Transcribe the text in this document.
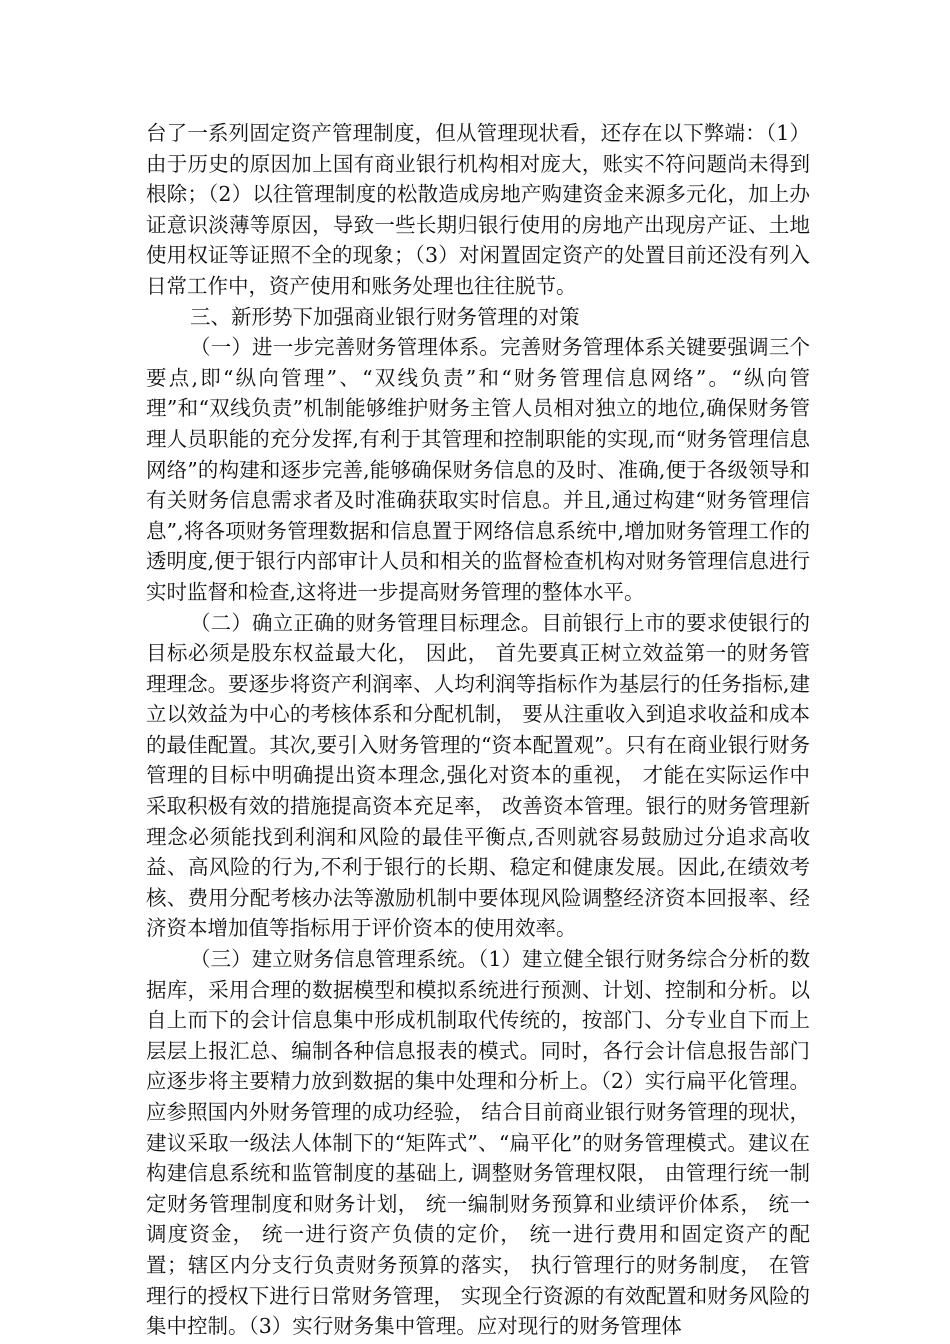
台了一系列固定资产管理制度，但从管理现状看，还存在以下弊端：（1）由于历史的原因加上国有商业银行机构相对庞大，账实不符问题尚未得到根除；（2）以往管理制度的松散造成房地产购建资金来源多元化，加上办证意识淡薄等原因，导致一些长期归银行使用的房地产出现房产证、土地使用权证等证照不全的现象；（3）对闲置固定资产的处置目前还没有列入日常工作中，资产使用和账务处理也往往脱节。

三、新形势下加强商业银行财务管理的对策

（一）进一步完善财务管理体系。完善财务管理体系关键要强调三个要点,即“纵向管理”、“双线负责”和“财务管理信息网络”。“纵向管理”和“双线负责”机制能够维护财务主管人员相对独立的地位,确保财务管理人员职能的充分发挥,有利于其管理和控制职能的实现,而“财务管理信息网络”的构建和逐步完善,能够确保财务信息的及时、准确,便于各级领导和有关财务信息需求者及时准确获取实时信息。并且,通过构建“财务管理信息”,将各项财务管理数据和信息置于网络信息系统中,增加财务管理工作的透明度,便于银行内部审计人员和相关的监督检查机构对财务管理信息进行实时监督和检查,这将进一步提高财务管理的整体水平。

（二）确立正确的财务管理目标理念。目前银行上市的要求使银行的目标必须是股东权益最大化， 因此， 首先要真正树立效益第一的财务管理理念。要逐步将资产利润率、人均利润等指标作为基层行的任务指标,建立以效益为中心的考核体系和分配机制， 要从注重收入到追求收益和成本的最佳配置。其次,要引入财务管理的“资本配置观”。只有在商业银行财务管理的目标中明确提出资本理念,强化对资本的重视， 才能在实际运作中采取积极有效的措施提高资本充足率， 改善资本管理。银行的财务管理新理念必须能找到利润和风险的最佳平衡点,否则就容易鼓励过分追求高收益、高风险的行为,不利于银行的长期、稳定和健康发展。因此,在绩效考核、费用分配考核办法等激励机制中要体现风险调整经济资本回报率、经济资本增加值等指标用于评价资本的使用效率。

（三）建立财务信息管理系统。（1）建立健全银行财务综合分析的数据库，采用合理的数据模型和模拟系统进行预测、计划、控制和分析。以自上而下的会计信息集中形成机制取代传统的，按部门、分专业自下而上层层上报汇总、编制各种信息报表的模式。同时，各行会计信息报告部门应逐步将主要精力放到数据的集中处理和分析上。（2）实行扁平化管理。应参照国内外财务管理的成功经验， 结合目前商业银行财务管理的现状， 建议采取一级法人体制下的“矩阵式”、“扁平化”的财务管理模式。建议在构建信息系统和监管制度的基础上, 调整财务管理权限， 由管理行统一制定财务管理制度和财务计划， 统一编制财务预算和业绩评价体系， 统一调度资金， 统一进行资产负债的定价， 统一进行费用和固定资产的配置；辖区内分支行负责财务预算的落实， 执行管理行的财务制度， 在管理行的授权下进行日常财务管理， 实现全行资源的有效配置和财务风险的集中控制。（3）实行财务集中管理。应对现行的财务管理体
